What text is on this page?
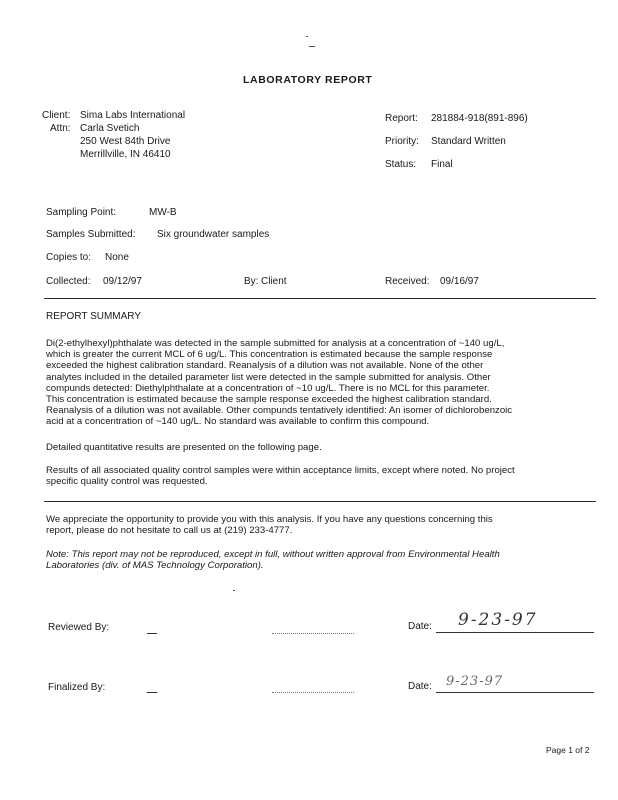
LABORATORY REPORT
Client: Sima Labs International
Attn: Carla Svetich
250 West 84th Drive
Merrillville, IN 46410
Report: 281884-918(891-896)
Priority: Standard Written
Status: Final
Sampling Point:	MW-B
Samples Submitted: Six groundwater samples
Copies to: None
Collected: 09/12/97	By: Client	Received: 09/16/97
REPORT SUMMARY
Di(2-ethylhexyl)phthalate was detected in the sample submitted for analysis at a concentration of ~140 ug/L,
which is greater the current MCL of 6 ug/L. This concentration is estimated because the sample response
exceeded the highest calibration standard. Reanalysis of a dilution was not available. None of the other
analytes included in the detailed parameter list were detected in the sample submitted for analysis. Other
compunds detected: Diethylphthalate at a concentration of ~10 ug/L. There is no MCL for this parameter.
This concentration is estimated because the sample response exceeded the highest calibration standard.
Reanalysis of a dilution was not available. Other compunds tentatively identified: An isomer of dichlorobenzoic
acid at a concentration of ~140 ug/L. No standard was available to confirm this compound.
Detailed quantitative results are presented on the following page.
Results of all associated quality control samples were within acceptance limits, except where noted. No project
specific quality control was requested.
We appreciate the opportunity to provide you with this analysis. If you have any questions concerning this
report, please do not hesitate to call us at (219) 233-4777.
Note: This report may not be reproduced, except in full, without written approval from Environmental Health
Laboratories (div. of MAS Technology Corporation).
Reviewed By:	Date: 9-23-97
Finalized By:	Date: 9-23-97
Page 1 of 2
